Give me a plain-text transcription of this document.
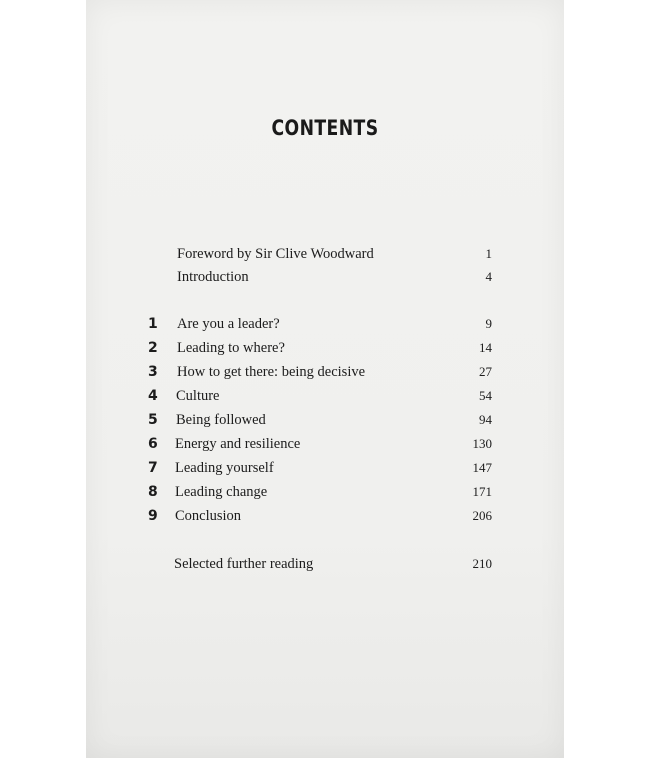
CONTENTS
Foreword by Sir Clive Woodward	1
Introduction	4
1 Are you a leader?	9
2 Leading to where?	14
3 How to get there: being decisive	27
4 Culture	54
5 Being followed	94
6 Energy and resilience	130
7 Leading yourself	147
8 Leading change	171
9 Conclusion	206
Selected further reading	210
